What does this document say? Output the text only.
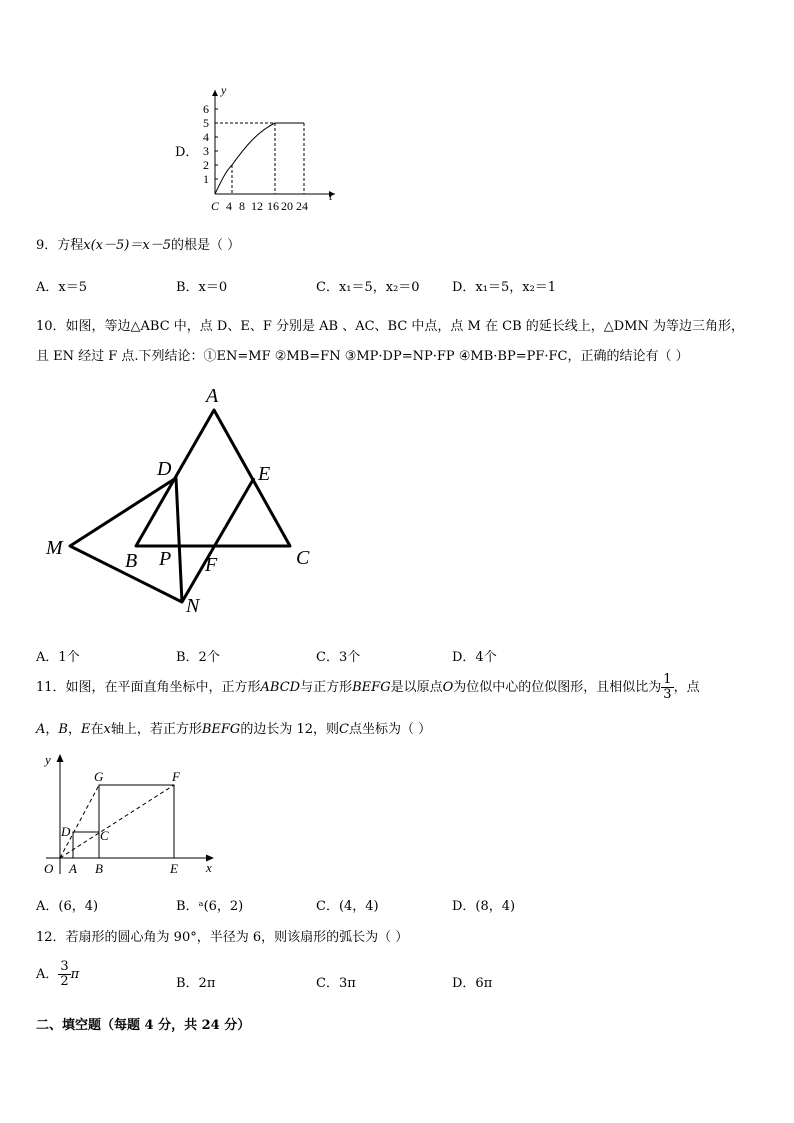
D．
y
t
C
1
2
3
4
5
6
4 8 12 16 20 24
9．方程x(x－5)＝x－5的根是（ ）
A．x＝5	B．x＝0	C．x₁＝5，x₂＝0 D．x₁＝5，x₂＝1
10．如图，等边△ABC 中，点 D、E、F 分别是 AB 、AC、BC 中点，点 M 在 CB 的延长线上，△DMN 为等边三角形，
且 EN 经过 F 点.下列结论：①EN=MF ②MB=FN ③MP·DP=NP·FP ④MB·BP=PF·FC，正确的结论有（ ）
A
D	E
M
B P F	C
N
A．1个	B．2个	C．3个	D．4个
11．如图，在平面直角坐标中，正方形ABCD与正方形BEFG是以原点O为位似中心的位似图形，且相似比为 $\frac{1}{3}$ ，点
A，B，E在x轴上，若正方形BEFG的边长为 12，则C点坐标为（ ）
y
x
O A B	E
D C
G	F
A．(6，4)	B．ᵃ(6，2)	C．(4，4)	D．(8，4)
12．若扇形的圆心角为 90°，半径为 6，则该扇形的弧长为（ ）
A． $\frac{3}{2}$ π
B．2π	C．3π	D．6π
二、填空题（每题 4 分，共 24 分）
